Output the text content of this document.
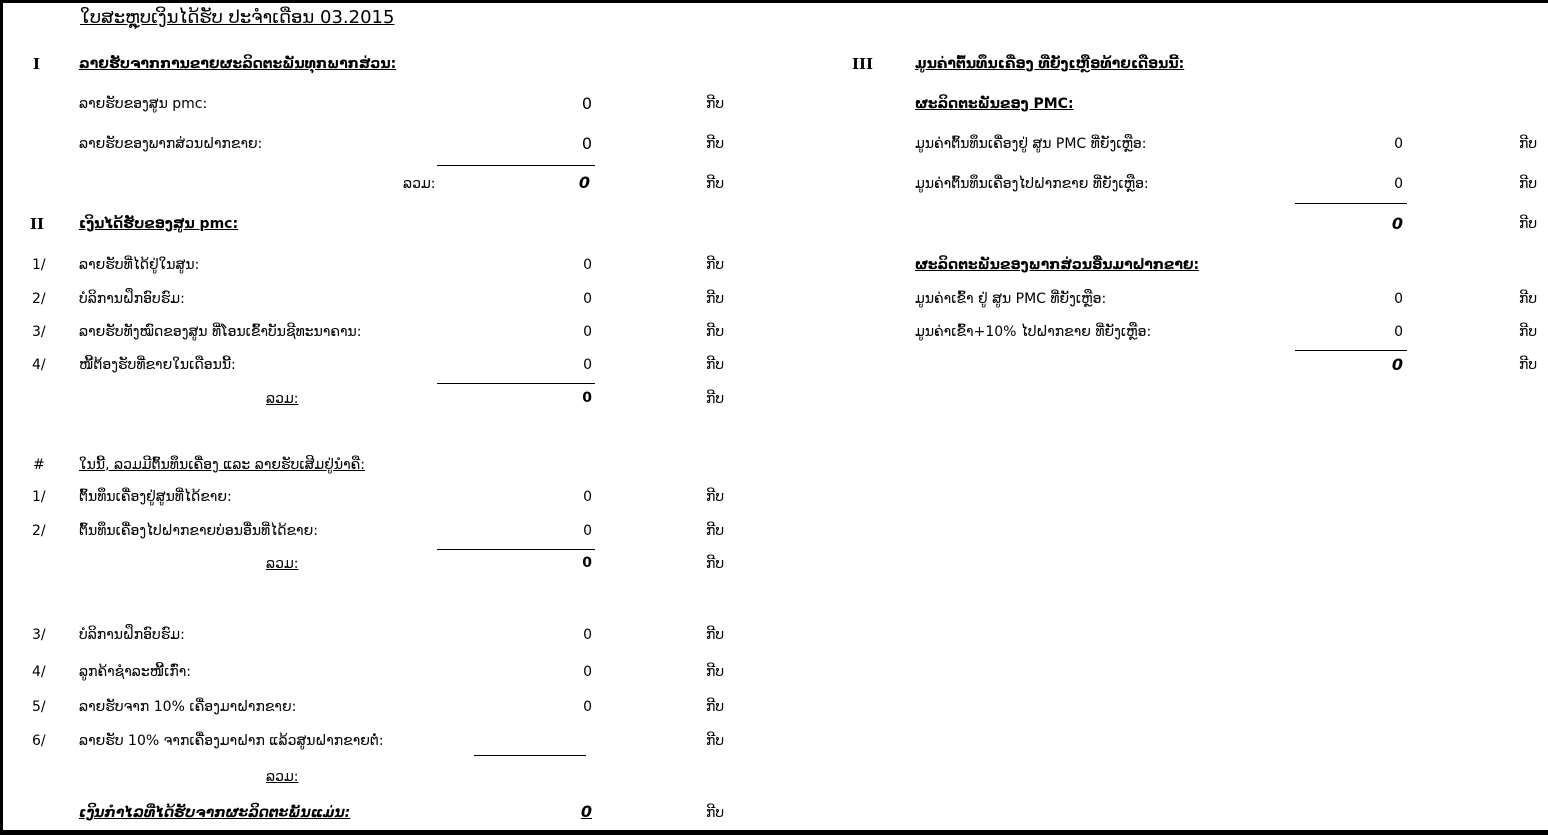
ໃບສະຫຼຸບເງິນໄດ້ຮັບ ປະຈໍາເດືອນ 03.2015
I	ລາຍຮັບຈາກການຂາຍຜະລິດຕະພັນທຸກພາກສ່ວນ:
ລາຍຮັບຂອງສູນ pmc:	0	ກີບ
ລາຍຮັບຂອງພາກສ່ວນຝາກຂາຍ:	0	ກີບ
ລວມ:	0	ກີບ
II ເງິນໄດ້ຮັບຂອງສູນ pmc:
1/ ລາຍຮັບທີ່ໄດ້ຢູ່ໃນສູນ:	0	ກີບ
2/ ບໍລິການຝຶກອົບຮົມ:	0	ກີບ
3/ ລາຍຮັບທັງໝົດຂອງສູນ ທີ່ໂອນເຂົ້າບັນຊີທະນາຄານ:	0	ກີບ
4/ ໜີ້ຕ້ອງຮັບທີ່ຂາຍໃນເດືອນນີ້:	0	ກີບ
ລວມ:	0	ກີບ
# ໃນນີ້, ລວມມີຕົ້ນທຶນເຄື່ອງ ແລະ ລາຍຮັບເສີມຢູ່ນຳຄື:
1/ ຕົ້ນທຶນເຄື່ອງຢູ່ສູນທີ່ໄດ້ຂາຍ:	0	ກີບ
2/ ຕົ້ນທຶນເຄື່ອງໄປຝາກຂາຍບ່ອນອື່ນທີ່ໄດ້ຂາຍ:	0	ກີບ
ລວມ:	0	ກີບ
3/ ບໍລິການຝຶກອົບຮົມ:	0	ກີບ
4/ ລູກຄ້າຊຳລະໜີ້ເກົ່າ:	0	ກີບ
5/ ລາຍຮັບຈາກ 10% ເຄື່ອງມາຝາກຂາຍ:	0	ກີບ
6/ ລາຍຮັບ 10% ຈາກເຄື່ອງມາຝາກ ແລ້ວສູນຝາກຂາຍຕໍ່:	ກີບ
ລວມ:
ເງິນກຳໄລທີ່ໄດ້ຮັບຈາກຜະລິດຕະພັນແມ່ນ:	0	ກີບ
III	ມູນຄ່າຕົ້ນທຶນເຄື່ອງ ທີ່ຍັງເຫຼືອທ້າຍເດືອນນີ້:
ຜະລິດຕະພັນຂອງ PMC:
ມູນຄ່າຕົ້ນທຶນເຄື່ອງຢູ່ ສູນ PMC ທີ່ຍັງເຫຼືອ:	0	ກີບ
ມູນຄ່າຕົ້ນທຶນເຄື່ອງໄປຝາກຂາຍ ທີ່ຍັງເຫຼືອ:	0	ກີບ
0	ກີບ
ຜະລິດຕະພັນຂອງພາກສ່ວນອື່ນມາຝາກຂາຍ:
ມູນຄ່າເຂົ້າ ຢູ່ ສູນ PMC ທີ່ຍັງເຫຼືອ:	0	ກີບ
ມູນຄ່າເຂົ້າ+10% ໄປຝາກຂາຍ ທີ່ຍັງເຫຼືອ:	0	ກີບ
0	ກີບ
